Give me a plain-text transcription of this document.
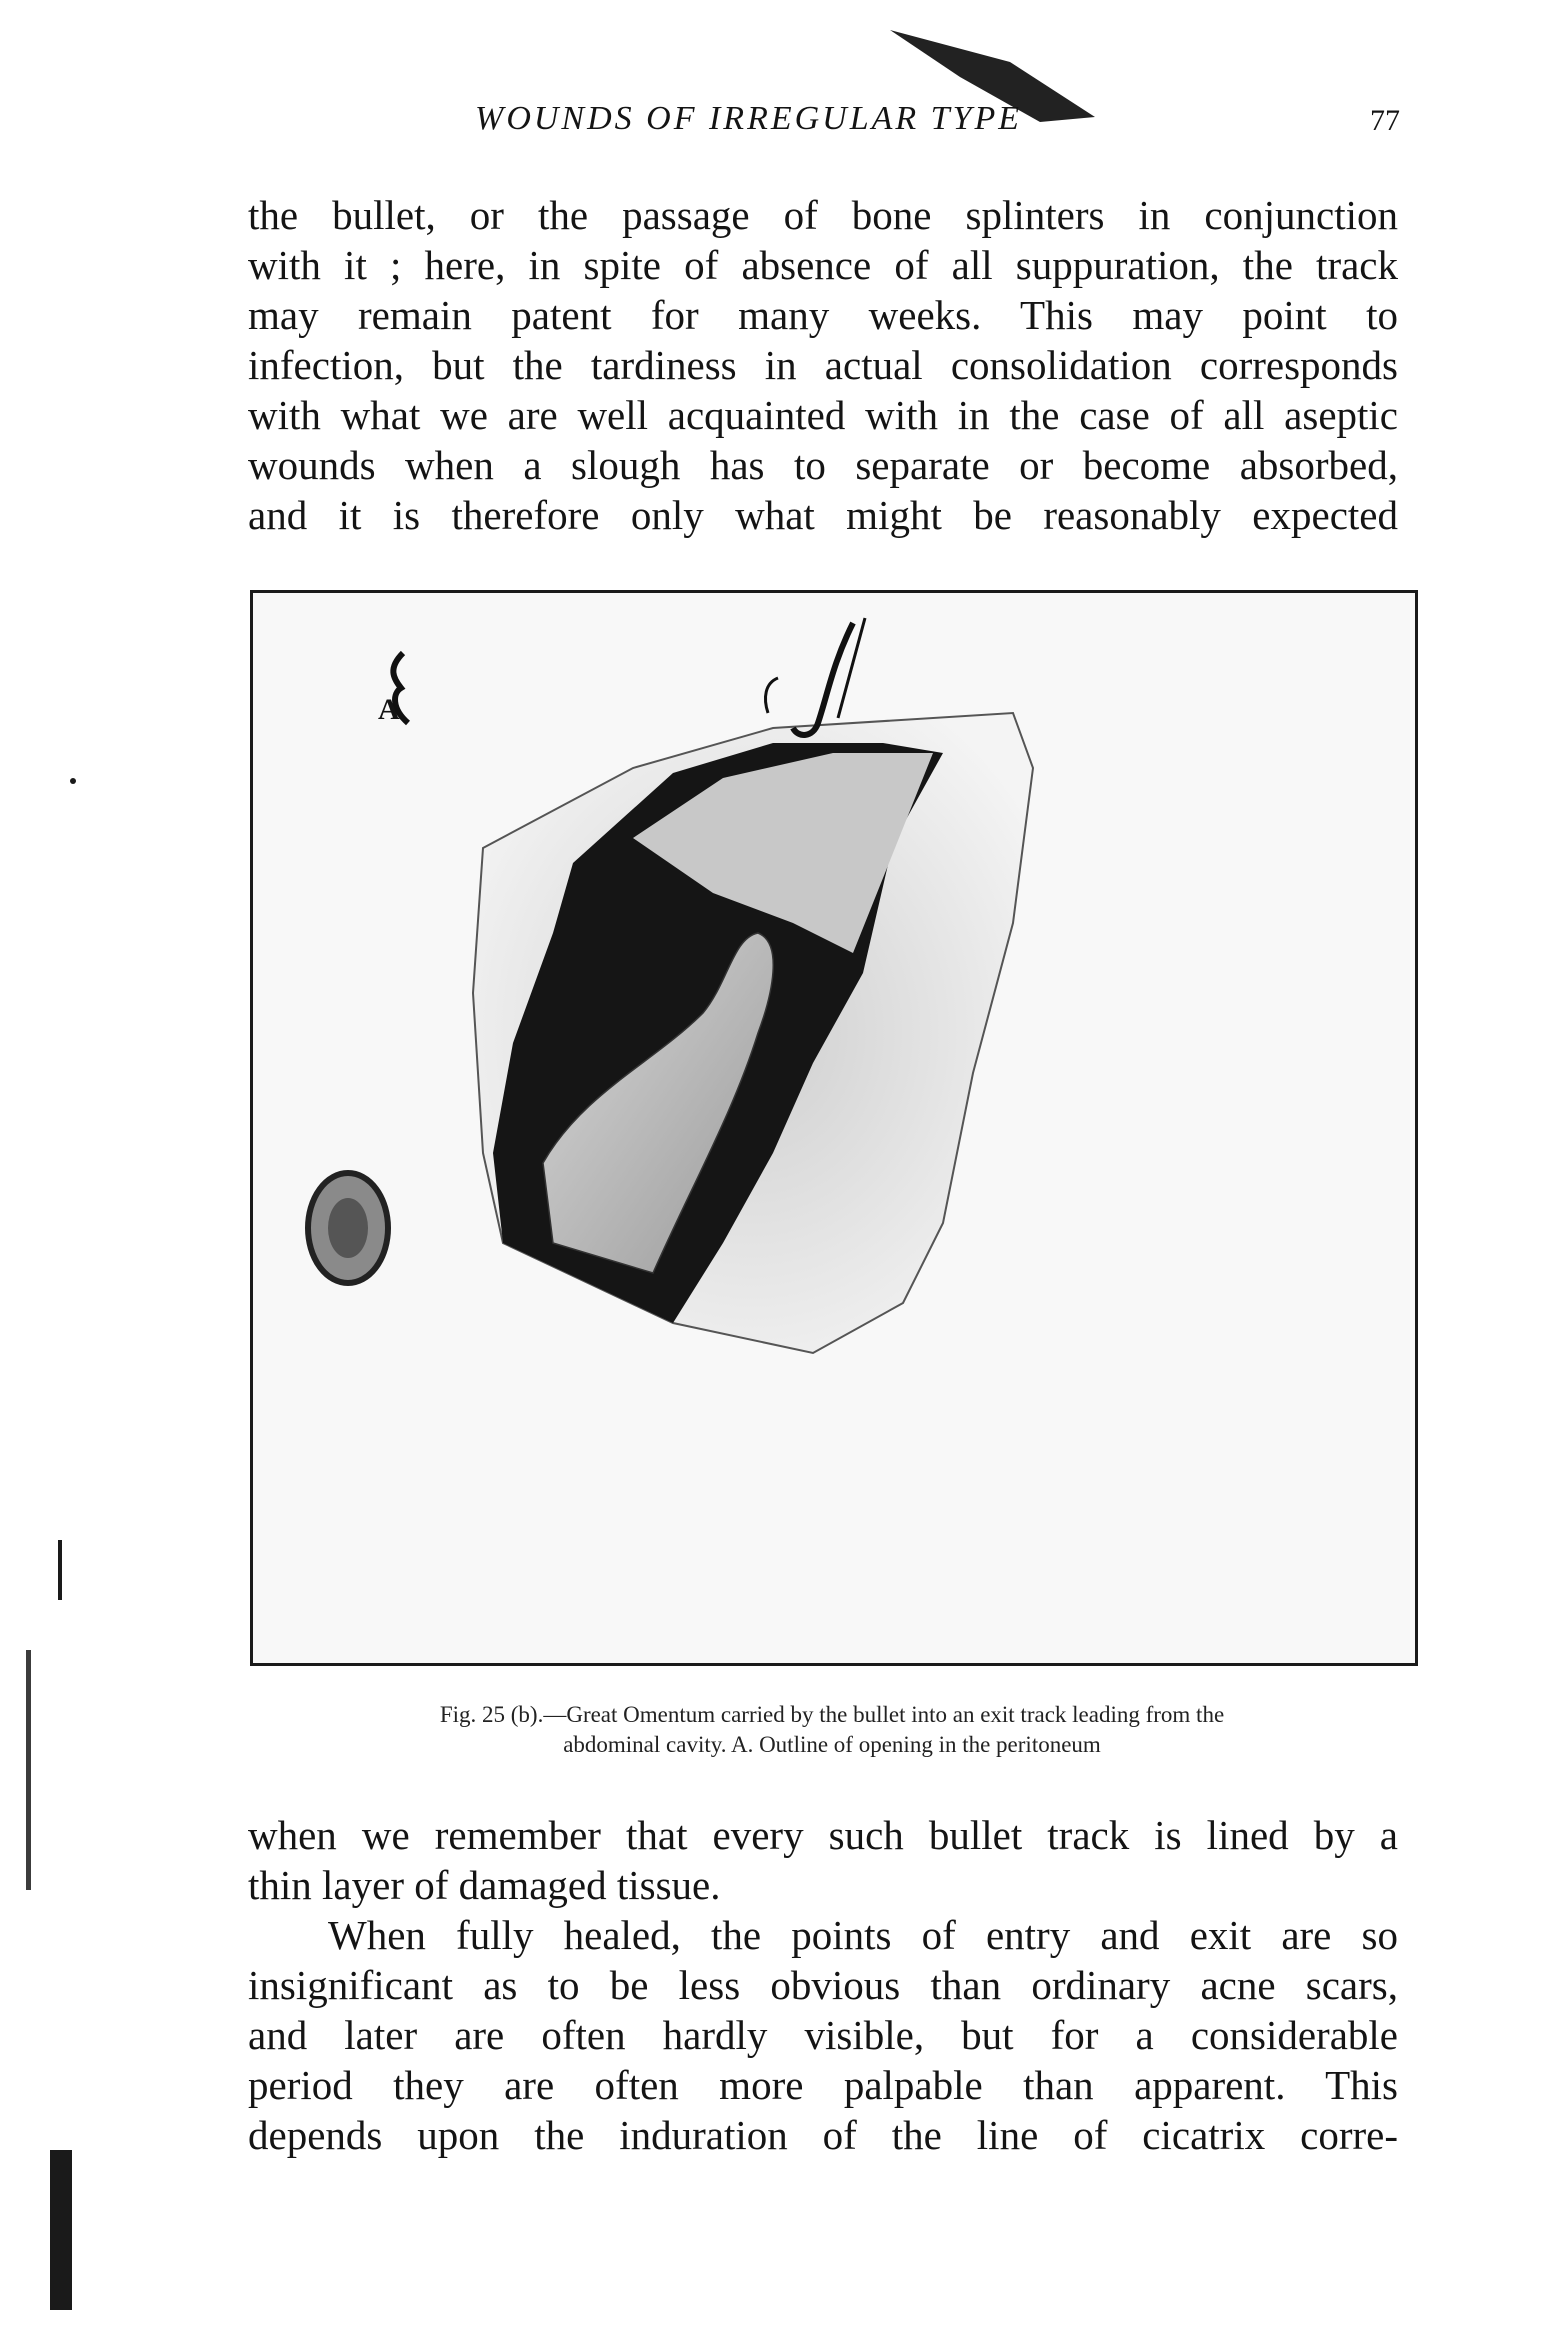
WOUNDS OF IRREGULAR TYPE	77
the bullet, or the passage of bone splinters in conjunction
with it ; here, in spite of absence of all suppuration, the track
may remain patent for many weeks. This may point to
infection, but the tardiness in actual consolidation corresponds
with what we are well acquainted with in the case of all aseptic
wounds when a slough has to separate or become absorbed,
and it is therefore only what might be reasonably expected
A
Fig. 25 (b).—Great Omentum carried by the bullet into an exit track leading from the
abdominal cavity. A. Outline of opening in the peritoneum
when we remember that every such bullet track is lined by a
thin layer of damaged tissue.
When fully healed, the points of entry and exit are so
insignificant as to be less obvious than ordinary acne scars,
and later are often hardly visible, but for a considerable
period they are often more palpable than apparent. This
depends upon the induration of the line of cicatrix corre-
